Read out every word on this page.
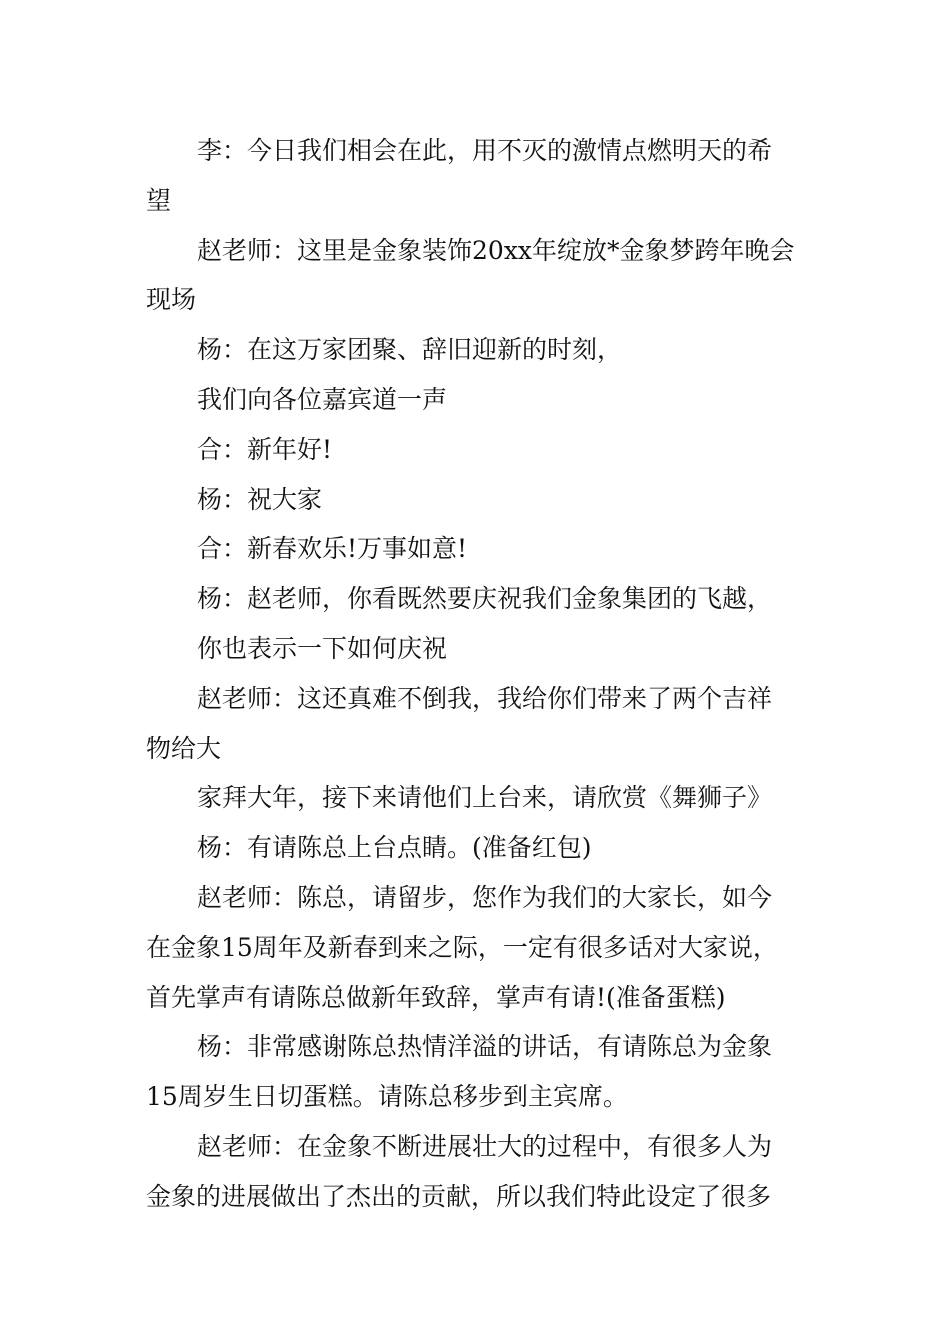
李：今日我们相会在此，用不灭的激情点燃明天的希

望

赵老师：这里是金象装饰20xx年绽放*金象梦跨年晚会

现场

杨：在这万家团聚、辞旧迎新的时刻，

我们向各位嘉宾道一声

合：新年好!

杨：祝大家

合：新春欢乐!万事如意!

杨：赵老师，你看既然要庆祝我们金象集团的飞越，

你也表示一下如何庆祝

赵老师：这还真难不倒我，我给你们带来了两个吉祥

物给大

家拜大年，接下来请他们上台来，请欣赏《舞狮子》

杨：有请陈总上台点睛。(准备红包)

赵老师：陈总，请留步，您作为我们的大家长，如今

在金象15周年及新春到来之际，一定有很多话对大家说，

首先掌声有请陈总做新年致辞，掌声有请!(准备蛋糕)

杨：非常感谢陈总热情洋溢的讲话，有请陈总为金象

15周岁生日切蛋糕。请陈总移步到主宾席。

赵老师：在金象不断进展壮大的过程中，有很多人为

金象的进展做出了杰出的贡献，所以我们特此设定了很多
